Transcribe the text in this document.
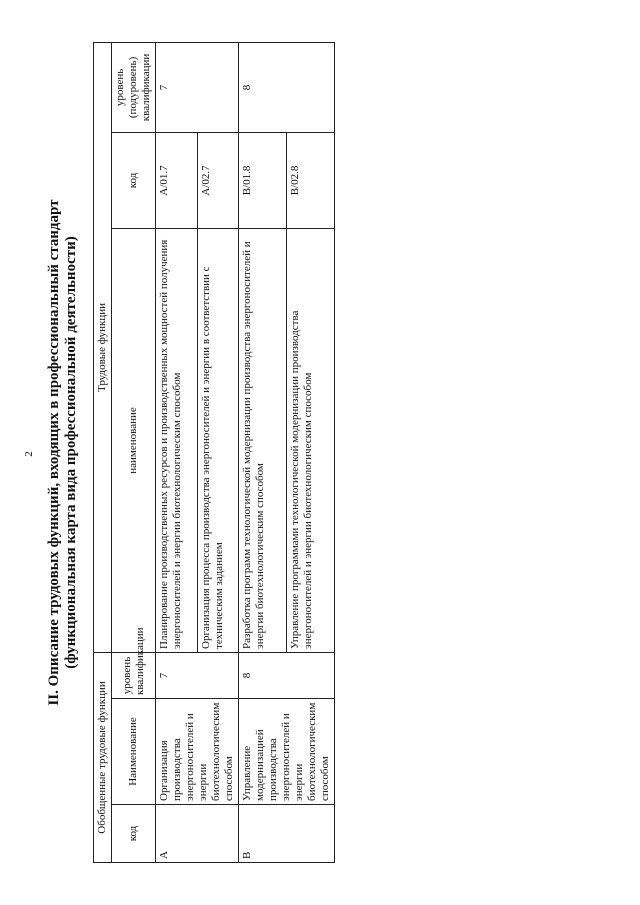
2 II. Описание трудовых функций, входящих в профессиональный стандарт (функциональная карта вида профессиональной деятельности)
Обобщенные трудовые функции			Трудовые функции		
код	Наименование	уровень квалификации	наименование	код	уровень (подуровень) квалификации
А	Организация производства энергоносителей и энергии биотехнологическим способом	7	Планирование производственных ресурсов и производственных мощностей получения энергоносителей и энергии биотехнологическим способом	А/01.7	7
			Организация процесса производства энергоносителей и энергии в соответствии с техническим заданием	А/02.7	
В	Управление модернизацией производства энергоносителей и энергии биотехнологическим способом	8	Разработка программ технологической модернизации производства энергоносителей и энергии биотехнологическим способом	В/01.8	8
			Управление программами технологической модернизации производства энергоносителей и энергии биотехнологическим способом	В/02.8	
